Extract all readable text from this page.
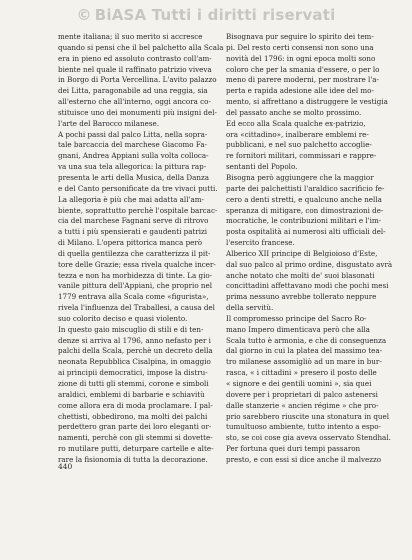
© BiASA Tutti i diritti riservati
mente italiana; il suo merito si accresce
quando si pensi che il bel palchetto alla Scala
era in pieno ed assoluto contrasto coll'am-
biente nel quale il raffinato patrizio viveva
in Borgo di Porta Vercellina. L'avito palazzo
dei Litta, paragonabile ad una reggia, sia
all'esterno che all'interno, oggi ancora co-
stituisce uno dei monumenti più insigni del-
l'arte del Barocco milanese.
A pochi passi dal palco Litta, nella sopra-
tale barcaccia del marchese Giacomo Fa-
gnani, Andrea Appiani sulla volta colloca-
va una sua tela allegorica: la pittura rap-
presenta le arti della Musica, della Danza
e del Canto personificate da tre vivaci putti.
La allegoria è più che mai adatta all'am-
biente, soprattutto perchè l'ospitale barcac-
cia del marchese Fagnani serve di ritrovo
a tutti i più spensierati e gaudenti patrizi
di Milano. L'opera pittorica manca però
di quella gentilezza che caratterizza il pit-
tore delle Grazie; essa rivela qualche incer-
tezza e non ha morbidezza di tinte. La gio-
vanile pittura dell'Appiani, che proprio nel
1779 entrava alla Scala come «figurista»,
rivela l'influenza del Traballesi, a causa del
suo colorito deciso e quasi violento.
In questo gaio miscuglio di stili e di ten-
denze si arriva al 1796, anno nefasto per i
palchi della Scala, perchè un decreto della
neonata Repubblica Cisalpina, in omaggio
ai principii democratici, impose la distru-
zione di tutti gli stemmi, corone e simboli
araldici, emblemi di barbarie e schiavitù
come allora era di moda proclamare. I pal-
chettisti, obbedirono, ma molti dei palchi
perdettero gran parte dei loro eleganti or-
namenti, perchè con gli stemmi si dovette-
ro mutilare putti, deturpare cartelle e alte-
rare la fisionomia di tutta la decorazione.
Bisognava pur seguire lo spirito dei tem-
pi. Del resto certi consensi non sono una
novità del 1796: in ogni epoca molti sono
coloro che per la smania d'essere, o per lo
meno di parere moderni, per mostrare l'a-
perta e rapida adesione alle idee del mo-
mento, si affrettano a distruggere le vestigia
del passato anche se molto prossimo.
Ed ecco alla Scala qualche ex-patrizio,
ora «cittadino», inalberare emblemi re-
pubblicani, e nel suo palchetto accoglie-
re fornitori militari, commissari e rappre-
sentanti del Popolo.
Bisogna però aggiungere che la maggior
parte dei palchettisti l'araldico sacrificio fe-
cero a denti stretti, e qualcuno anche nella
speranza di mitigare, con dimostrazioni de-
mocratiche, le contribuzioni militari e l'im-
posta ospitalità ai numerosi alti ufficiali del-
l'esercito francese.
Alberico XII principe di Belgioioso d'Este,
dal suo palco al primo ordine, disgustato avrà
anche notato che molti de' suoi blasonati
concittadini affettavano modi che pochi mesi
prima nessuno avrebbe tollerato neppure
della servitù.
Il compromesso principe del Sacro Ro-
mano Impero dimenticava però che alla
Scala tutto è armonia, e che di conseguenza
dal giorno in cui la platea del massimo tea-
tro milanese assomigliò ad un mare in bur-
rasca, « i cittadini » presero il posto delle
« signore e dei gentili uomini », sia quei
dovere per i proprietari di palco astenersi
dalle stanzerie « ancien régime » che pro-
prio sarebbero riuscite una stonatura in quel
tumultuoso ambiente, tutto intento a espo-
sto, se coi cose gia aveva osservato Stendhal.
Per fortuna quei duri tempi passaron
presto, e con essi si dice anche il malvezzo
440
